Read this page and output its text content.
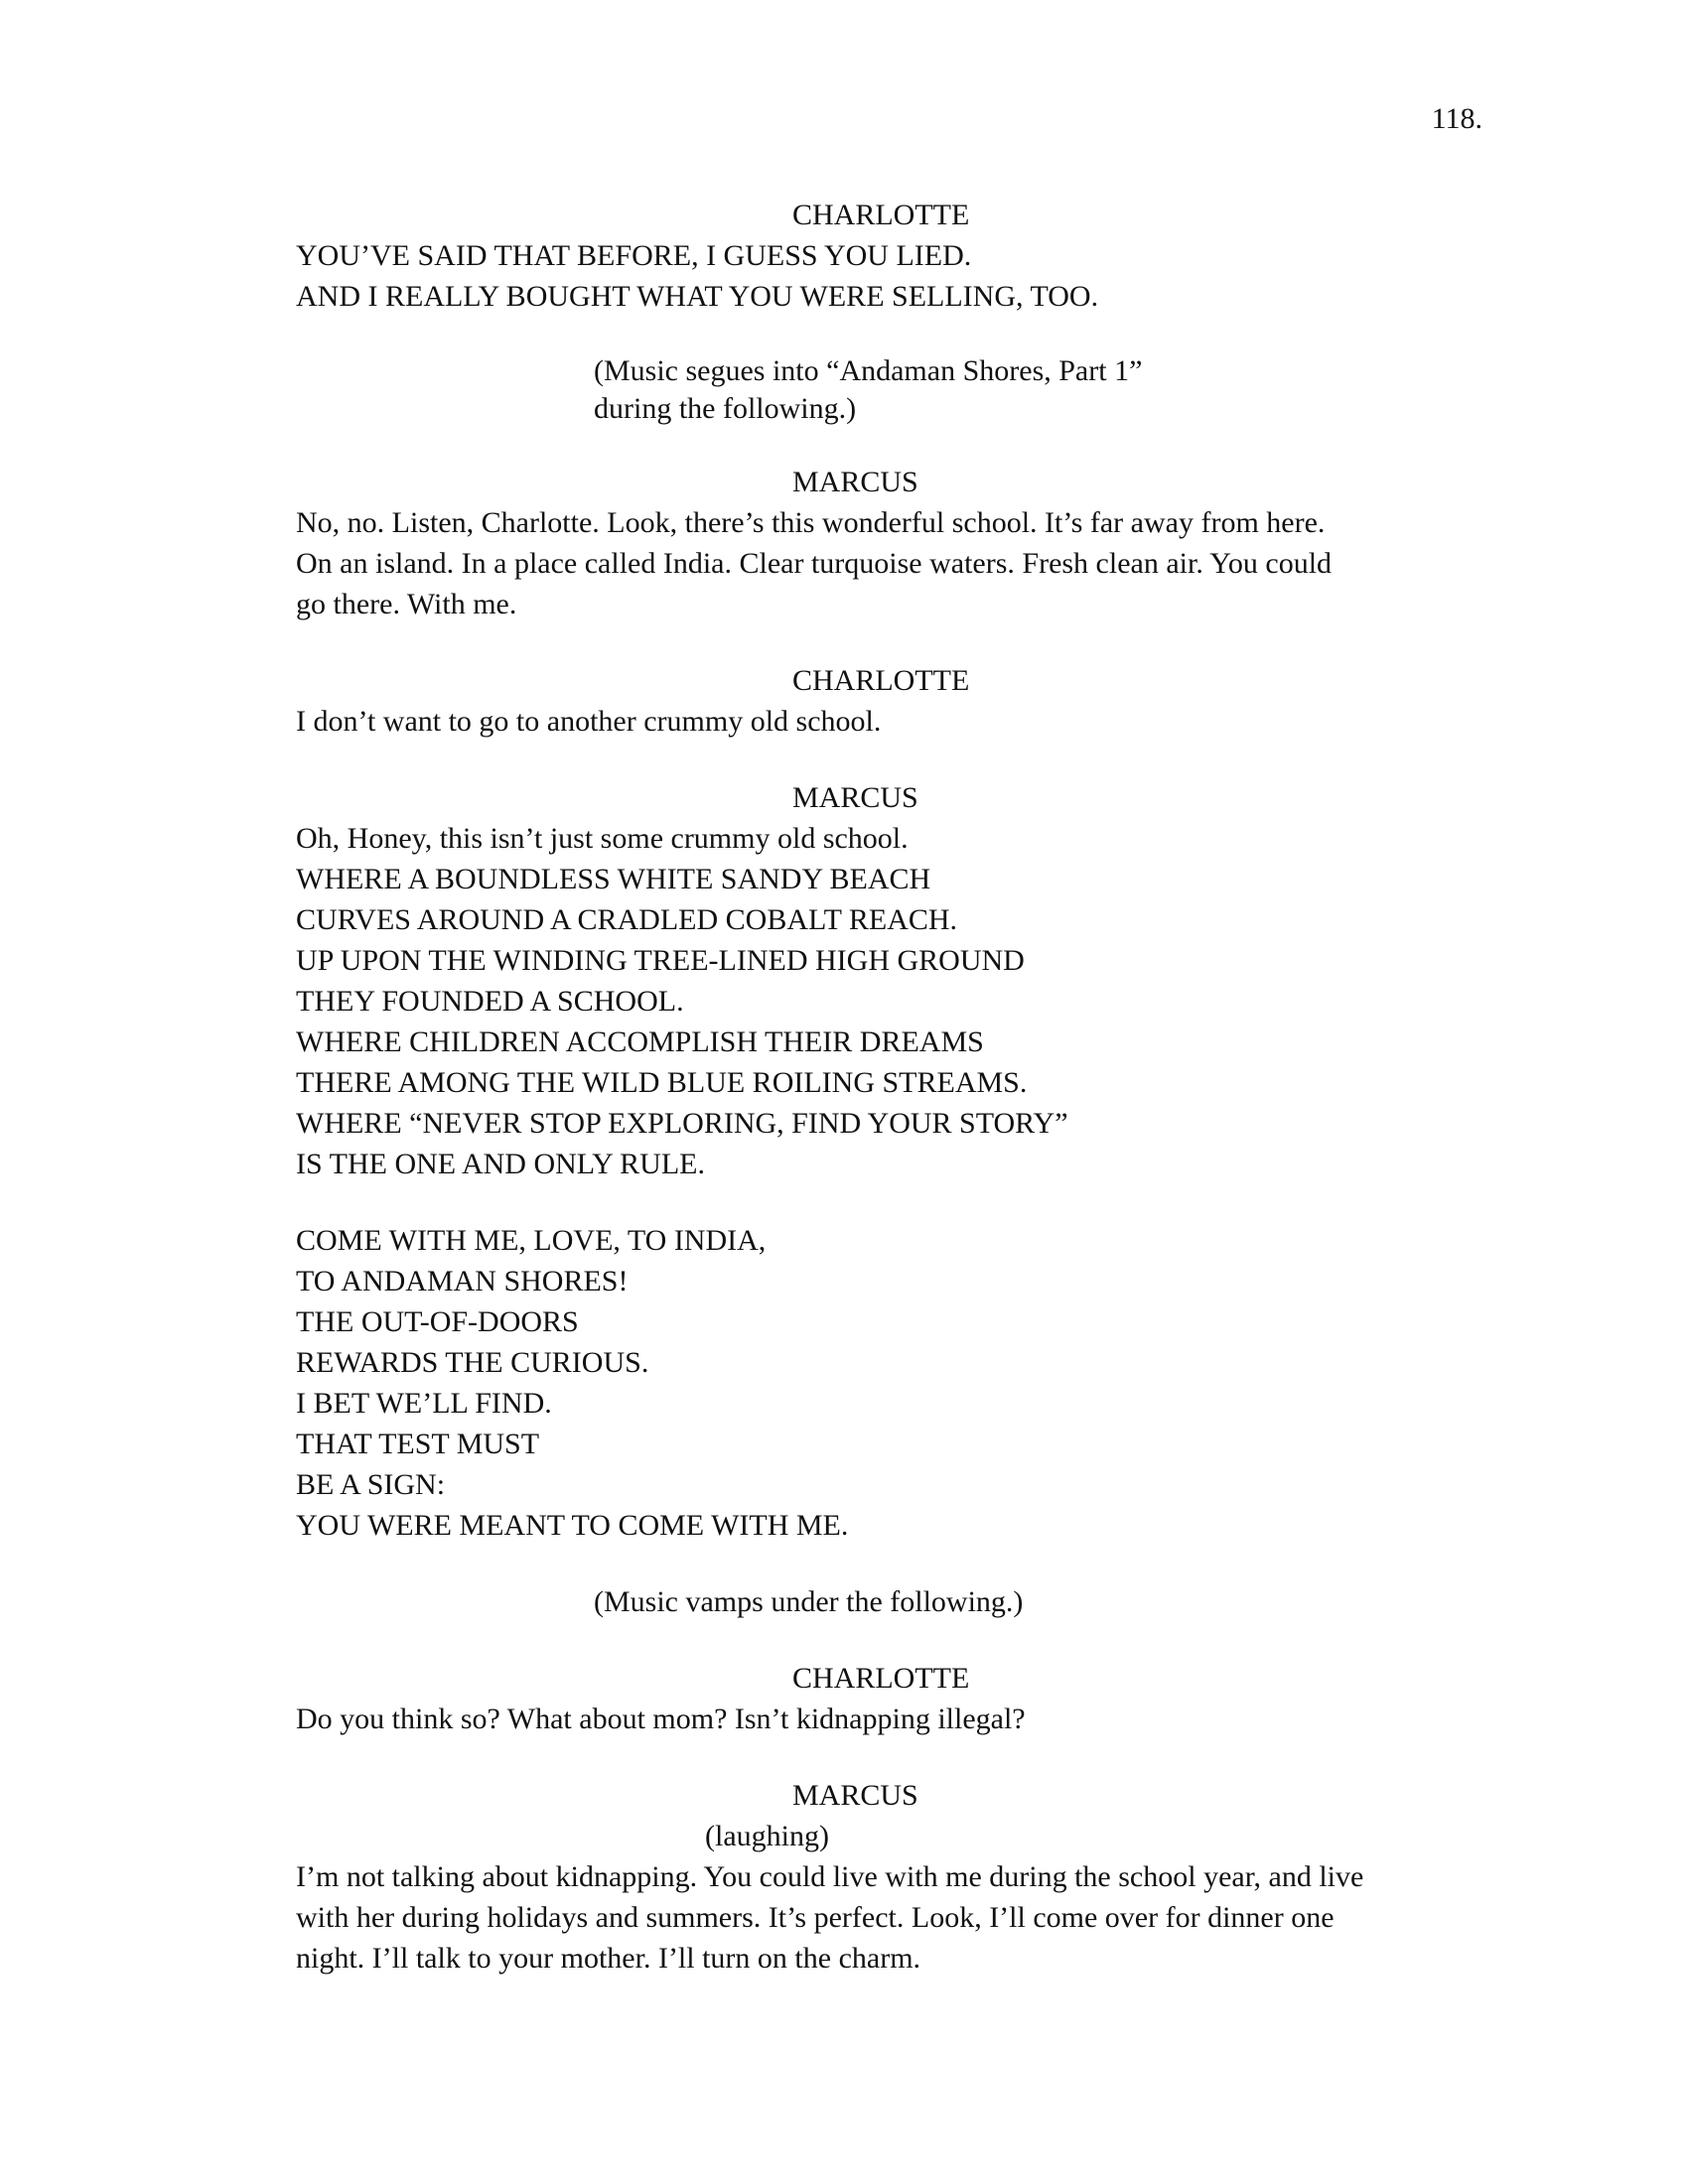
118.
CHARLOTTE
YOU’VE SAID THAT BEFORE, I GUESS YOU LIED.
AND I REALLY BOUGHT WHAT YOU WERE SELLING, TOO.
(Music segues into “Andaman Shores, Part 1”
during the following.)
MARCUS
No, no. Listen, Charlotte. Look, there’s this wonderful school. It’s far away from here.
On an island. In a place called India. Clear turquoise waters. Fresh clean air. You could
go there. With me.
CHARLOTTE
I don’t want to go to another crummy old school.
MARCUS
Oh, Honey, this isn’t just some crummy old school.
WHERE A BOUNDLESS WHITE SANDY BEACH
CURVES AROUND A CRADLED COBALT REACH.
UP UPON THE WINDING TREE-LINED HIGH GROUND
THEY FOUNDED A SCHOOL.
WHERE CHILDREN ACCOMPLISH THEIR DREAMS
THERE AMONG THE WILD BLUE ROILING STREAMS.
WHERE “NEVER STOP EXPLORING, FIND YOUR STORY”
IS THE ONE AND ONLY RULE.
COME WITH ME, LOVE, TO INDIA,
TO ANDAMAN SHORES!
THE OUT-OF-DOORS
REWARDS THE CURIOUS.
I BET WE’LL FIND.
THAT TEST MUST
BE A SIGN:
YOU WERE MEANT TO COME WITH ME.
(Music vamps under the following.)
CHARLOTTE
Do you think so? What about mom? Isn’t kidnapping illegal?
MARCUS
(laughing)
I’m not talking about kidnapping. You could live with me during the school year, and live
with her during holidays and summers. It’s perfect. Look, I’ll come over for dinner one
night. I’ll talk to your mother. I’ll turn on the charm.
